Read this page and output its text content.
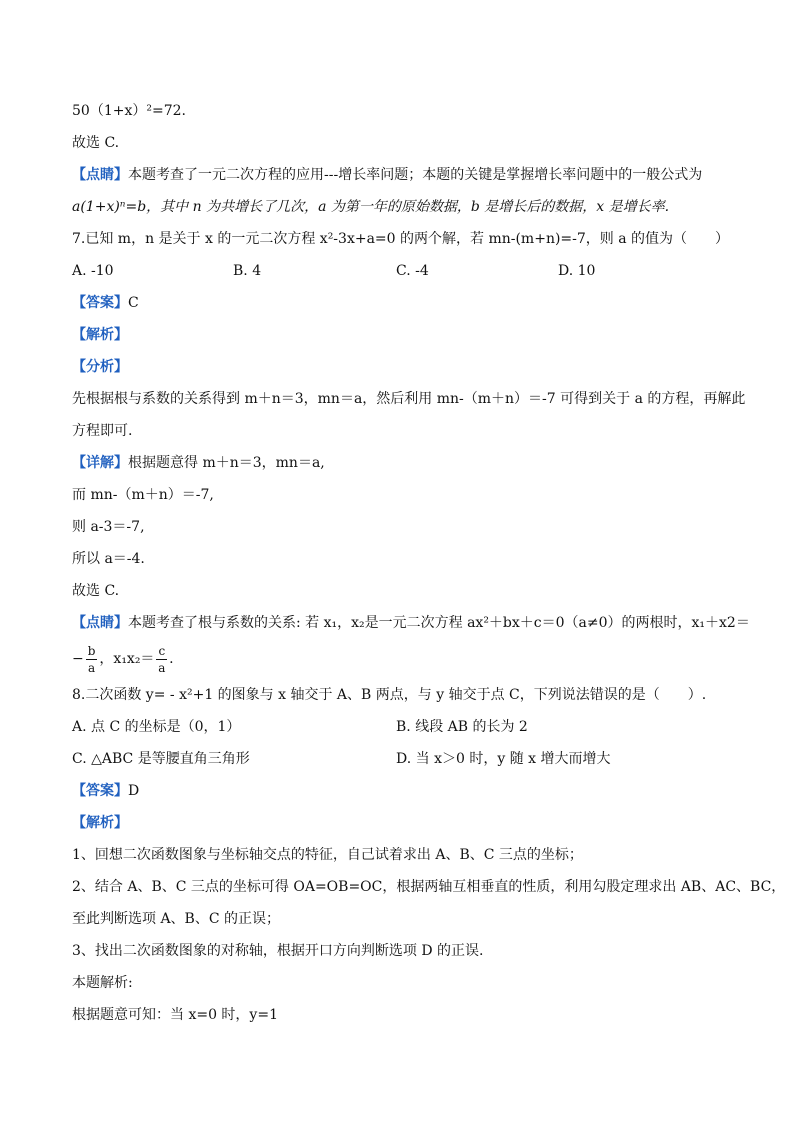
50（1+x）²=72.
故选 C.
【点睛】本题考查了一元二次方程的应用---增长率问题；本题的关键是掌握增长率问题中的一般公式为
a(1+x)ⁿ=b，其中 n 为共增长了几次，a 为第一年的原始数据，b 是增长后的数据，x 是增长率.
7.已知 m，n 是关于 x 的一元二次方程 x²-3x+a=0 的两个解，若 mn-(m+n)=-7，则 a 的值为（　　）
A. -10	B. 4	C. -4	D. 10
【答案】C
【解析】
【分析】
先根据根与系数的关系得到 m＋n＝3，mn＝a，然后利用 mn-（m＋n）＝-7 可得到关于 a 的方程，再解此
方程即可.
【详解】根据题意得 m＋n＝3，mn＝a,
而 mn-（m＋n）＝-7,
则 a-3＝-7,
所以 a＝-4.
故选 C.
【点睛】本题考查了根与系数的关系: 若 x₁，x₂是一元二次方程 ax²＋bx＋c＝0（a≠0）的两根时，x₁＋x2＝
− $\frac{b}{a}$ ，$x_1x_2= \frac{c}{a}$ .
8.二次函数 y= - x²+1 的图象与 x 轴交于 A、B 两点，与 y 轴交于点 C，下列说法错误的是（　　）.
A. 点 C 的坐标是（0，1）	B. 线段 AB 的长为 2
C. △ABC 是等腰直角三角形	D. 当 x＞0 时，y 随 x 增大而增大
【答案】D
【解析】
1、回想二次函数图象与坐标轴交点的特征，自己试着求出 A、B、C 三点的坐标；
2、结合 A、B、C 三点的坐标可得 OA=OB=OC，根据两轴互相垂直的性质，利用勾股定理求出 AB、AC、BC，
至此判断选项 A、B、C 的正误；
3、找出二次函数图象的对称轴，根据开口方向判断选项 D 的正误.
本题解析:
根据题意可知：当 x=0 时，y=1
